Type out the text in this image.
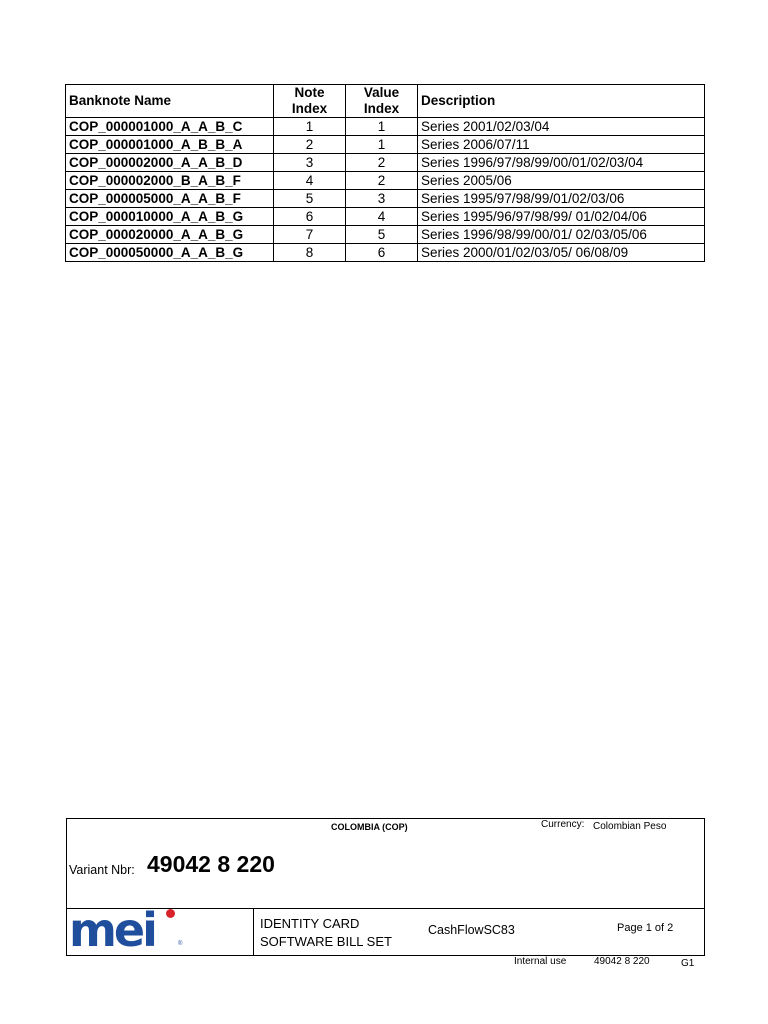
Banknote Name	Note Index	Value Index	Description
COP_000001000_A_A_B_C	1	1	Series 2001/02/03/04
COP_000001000_A_B_B_A	2	1	Series 2006/07/11
COP_000002000_A_A_B_D	3	2	Series 1996/97/98/99/00/01/02/03/04
COP_000002000_B_A_B_F	4	2	Series 2005/06
COP_000005000_A_A_B_F	5	3	Series 1995/97/98/99/01/02/03/06
COP_000010000_A_A_B_G	6	4	Series 1995/96/97/98/99/ 01/02/04/06
COP_000020000_A_A_B_G	7	5	Series 1996/98/99/00/01/ 02/03/05/06
COP_000050000_A_A_B_G	8	6	Series 2000/01/02/03/05/ 06/08/09
COLOMBIA (COP)	Currency: Colombian Peso
Variant Nbr: 49042 8 220
mei	®
IDENTITY CARD
SOFTWARE BILL SET
CashFlowSC83	Page 1 of 2
Internal use	49042 8 220	G1
